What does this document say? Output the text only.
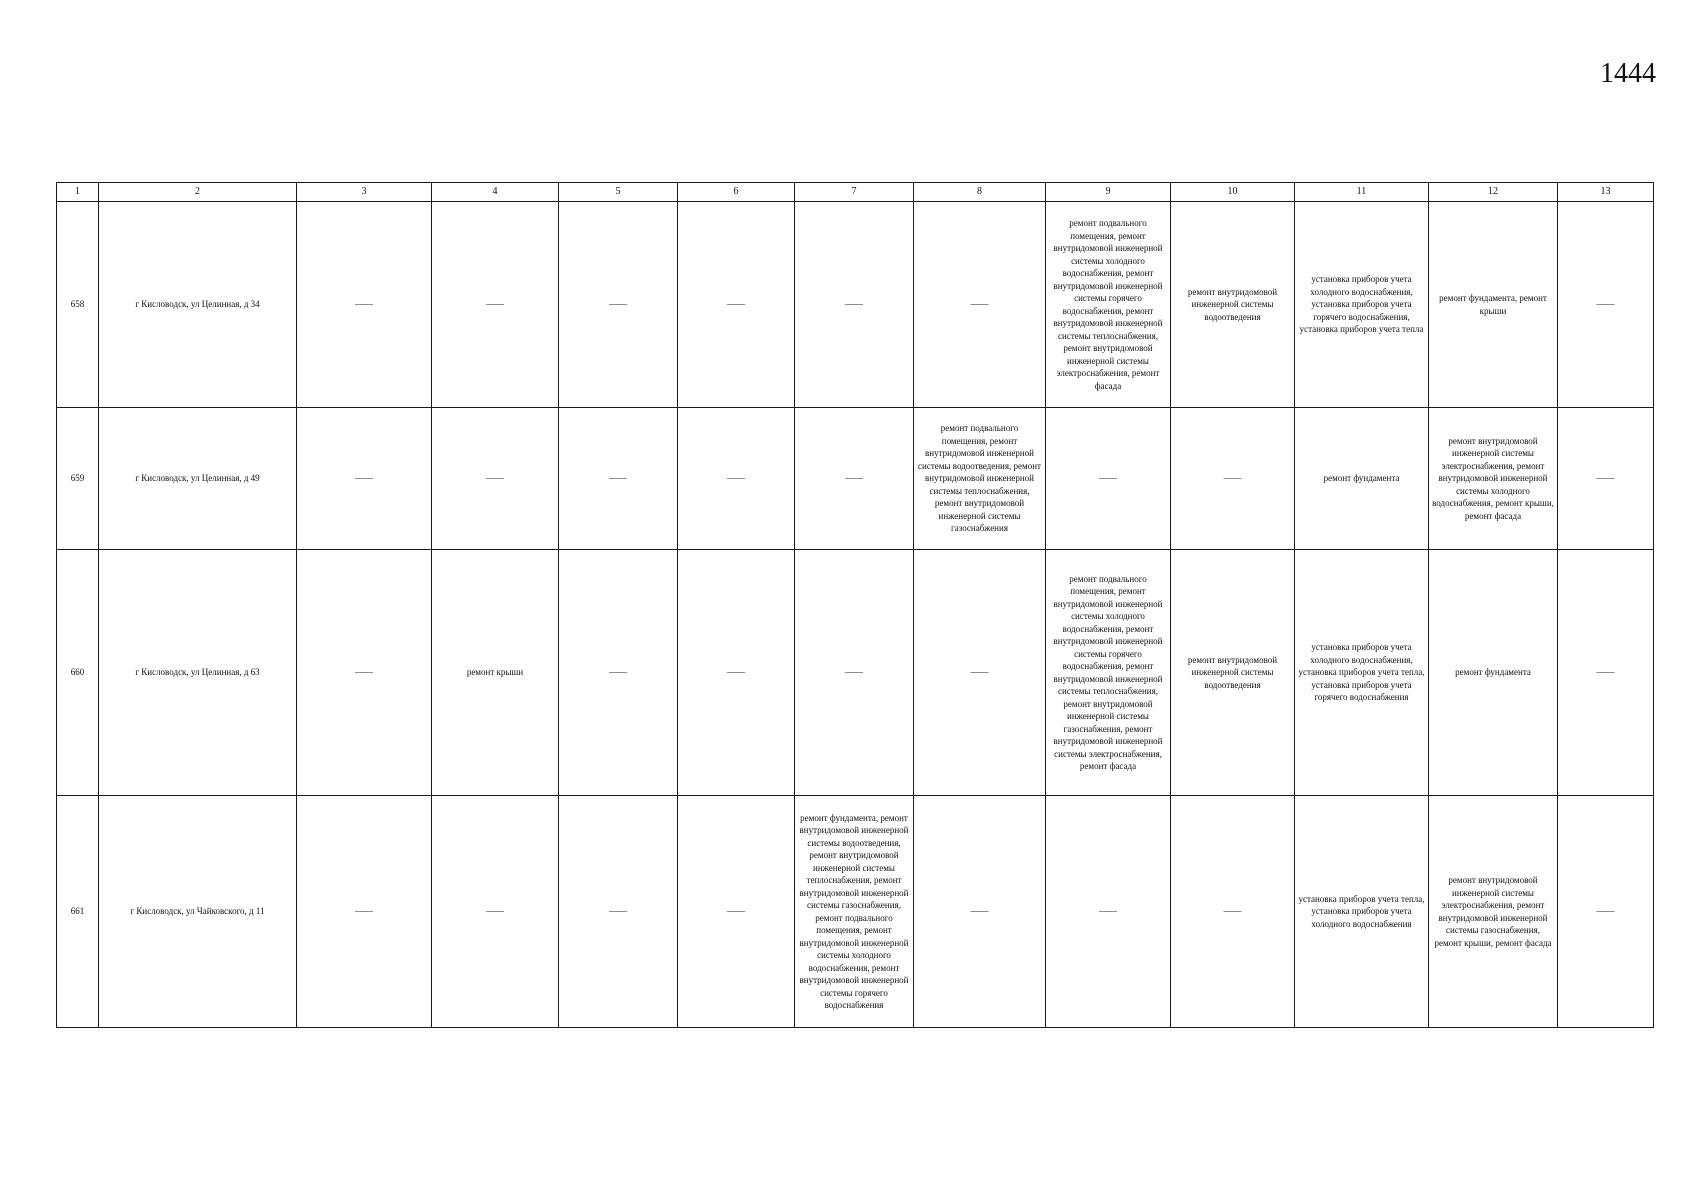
1444
1	2	3	4	5	6	7	8	9	10	11	12	13
658	г Кисловодск, ул Целинная, д 34	——	——	——	——	——	——	ремонт подвального помещения, ремонт внутридомовой инженерной системы холодного водоснабжения, ремонт внутридомовой инженерной системы горячего водоснабжения, ремонт внутридомовой инженерной системы теплоснабжения, ремонт внутридомовой инженерной системы электроснабжения, ремонт фасада	ремонт внутридомовой инженерной системы водоотведения	установка приборов учета холодного водоснабжения, установка приборов учета горячего водоснабжения, установка приборов учета тепла	ремонт фундамента, ремонт крыши	——
659	г Кисловодск, ул Целинная, д 49	——	——	——	——	——	ремонт подвального помещения, ремонт внутридомовой инженерной системы водоотведения, ремонт внутридомовой инженерной системы теплоснабжения, ремонт внутридомовой инженерной системы газоснабжения	——	——	ремонт фундамента	ремонт внутридомовой инженерной системы электроснабжения, ремонт внутридомовой инженерной системы холодного водоснабжения, ремонт крыши, ремонт фасада	——
660	г Кисловодск, ул Целинная, д 63	——	ремонт крыши	——	——	——	——	ремонт подвального помещения, ремонт внутридомовой инженерной системы холодного водоснабжения, ремонт внутридомовой инженерной системы горячего водоснабжения, ремонт внутридомовой инженерной системы теплоснабжения, ремонт внутридомовой инженерной системы газоснабжения, ремонт внутридомовой инженерной системы электроснабжения, ремонт фасада	ремонт внутридомовой инженерной системы водоотведения	установка приборов учета холодного водоснабжения, установка приборов учета тепла, установка приборов учета горячего водоснабжения	ремонт фундамента	——
661	г Кисловодск, ул Чайковского, д 11	——	——	——	——	ремонт фундамента, ремонт внутридомовой инженерной системы водоотведения, ремонт внутридомовой инженерной системы теплоснабжения, ремонт внутридомовой инженерной системы газоснабжения, ремонт подвального помещения, ремонт внутридомовой инженерной системы холодного водоснабжения, ремонт внутридомовой инженерной системы горячего водоснабжения	——	——	——	установка приборов учета тепла, установка приборов учета холодного водоснабжения	ремонт внутридомовой инженерной системы электроснабжения, ремонт внутридомовой инженерной системы газоснабжения, ремонт крыши, ремонт фасада	——
